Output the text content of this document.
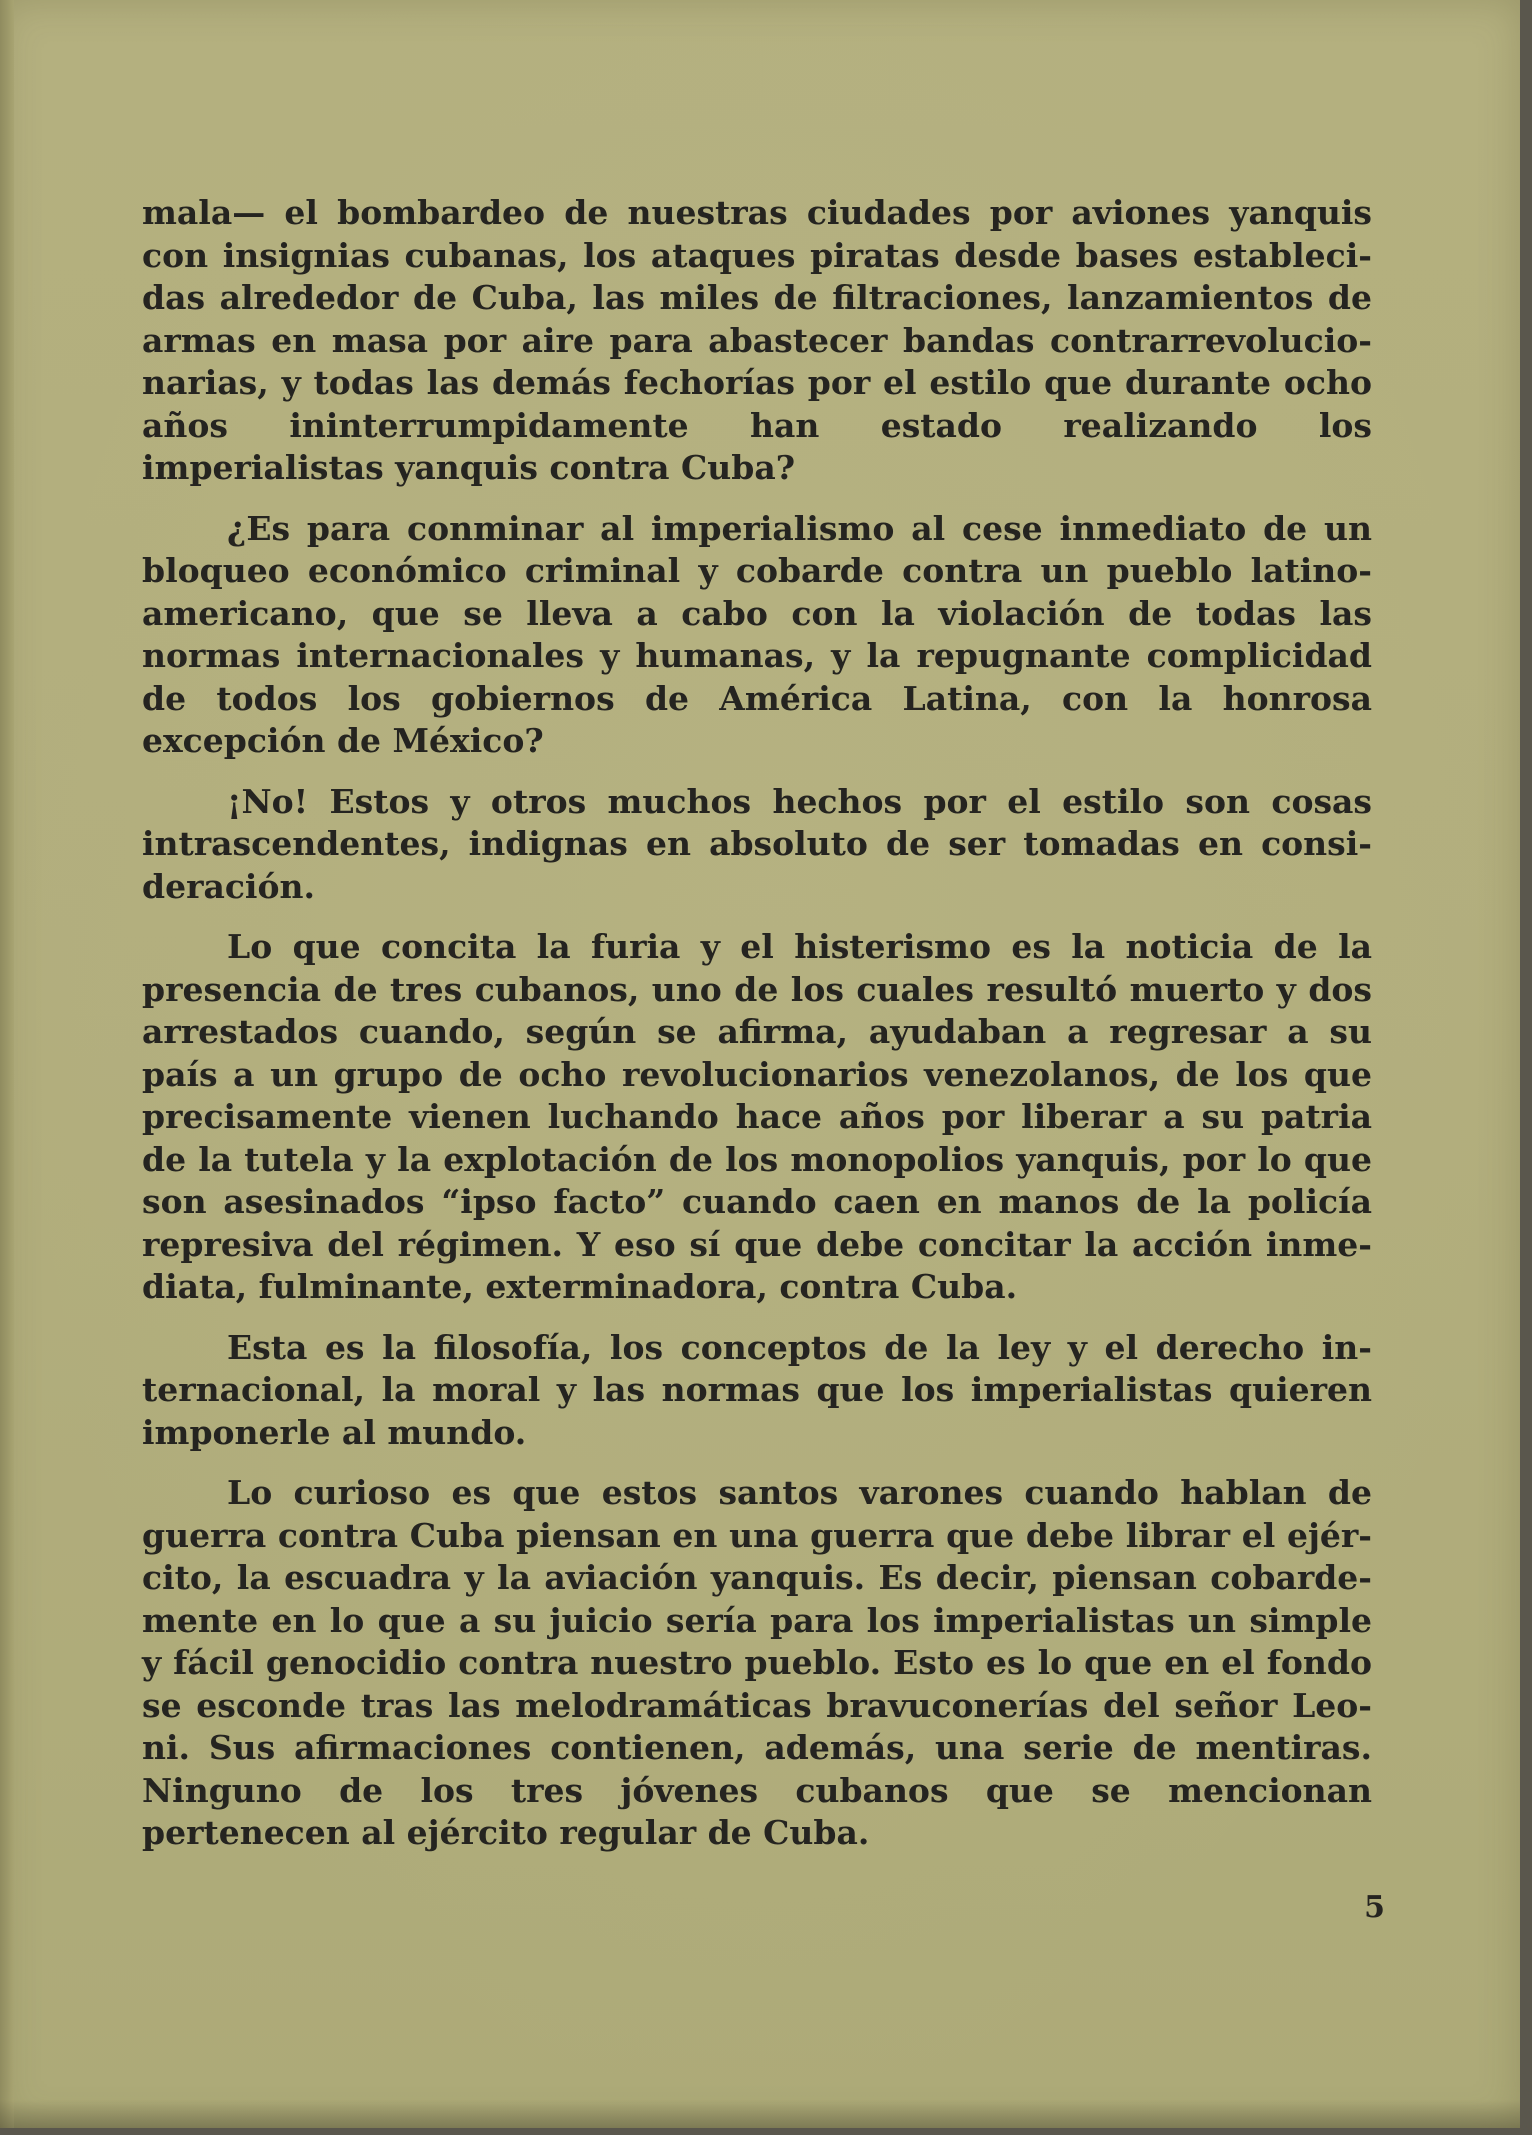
mala— el bombardeo de nuestras ciudades por aviones yanquis con insignias cubanas, los ataques piratas desde bases establecidas alrededor de Cuba, las miles de filtraciones, lanzamientos de armas en masa por aire para abastecer bandas contrarrevolucionarias, y todas las demás fechorías por el estilo que durante ocho años ininterrumpidamente han estado realizando los imperialistas yanquis contra Cuba?

¿Es para conminar al imperialismo al cese inmediato de un bloqueo económico criminal y cobarde contra un pueblo latinoamericano, que se lleva a cabo con la violación de todas las normas internacionales y humanas, y la repugnante complicidad de todos los gobiernos de América Latina, con la honrosa excepción de México?

¡No! Estos y otros muchos hechos por el estilo son cosas intrascendentes, indignas en absoluto de ser tomadas en consideración.

Lo que concita la furia y el histerismo es la noticia de la presencia de tres cubanos, uno de los cuales resultó muerto y dos arrestados cuando, según se afirma, ayudaban a regresar a su país a un grupo de ocho revolucionarios venezolanos, de los que precisamente vienen luchando hace años por liberar a su patria de la tutela y la explotación de los monopolios yanquis, por lo que son asesinados “ipso facto” cuando caen en manos de la policía represiva del régimen. Y eso sí que debe concitar la acción inmediata, fulminante, exterminadora, contra Cuba.

Esta es la filosofía, los conceptos de la ley y el derecho internacional, la moral y las normas que los imperialistas quieren imponerle al mundo.

Lo curioso es que estos santos varones cuando hablan de guerra contra Cuba piensan en una guerra que debe librar el ejército, la escuadra y la aviación yanquis. Es decir, piensan cobardemente en lo que a su juicio sería para los imperialistas un simple y fácil genocidio contra nuestro pueblo. Esto es lo que en el fondo se esconde tras las melodramáticas bravuconerías del señor Leoni. Sus afirmaciones contienen, además, una serie de mentiras. Ninguno de los tres jóvenes cubanos que se mencionan pertenecen al ejército regular de Cuba.

5
